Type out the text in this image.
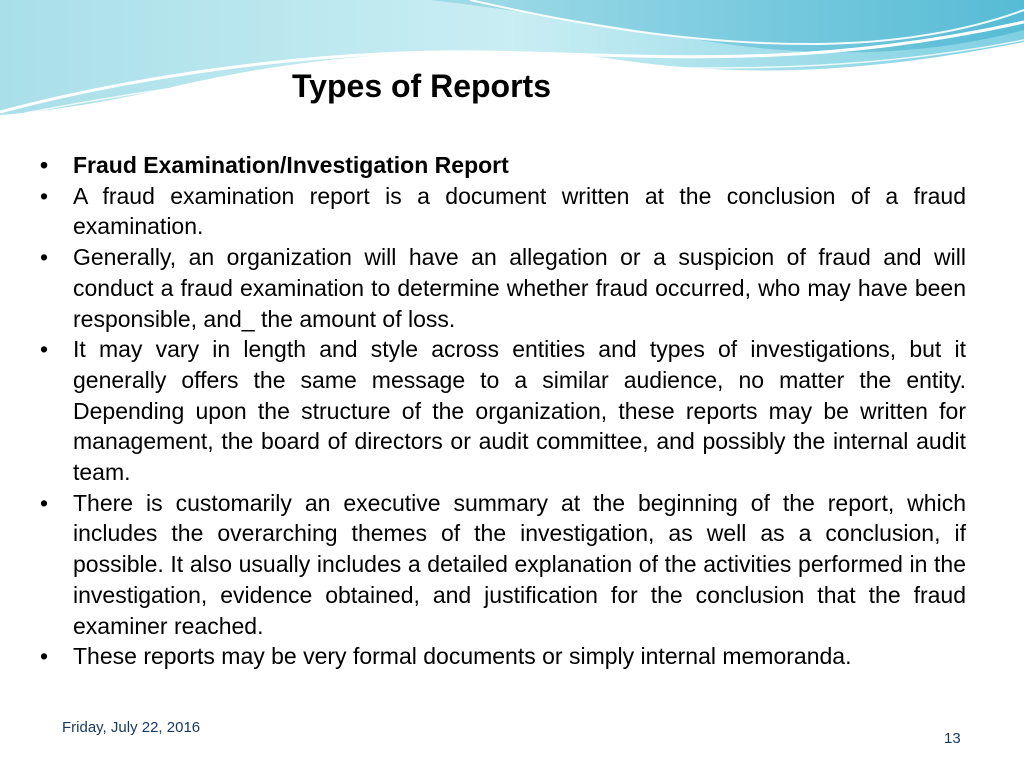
Types of Reports
• Fraud Examination/Investigation Report
• A fraud examination report is a document written at the conclusion of a fraud examination.
• Generally, an organization will have an allegation or a suspicion of fraud and will conduct a fraud examination to determine whether fraud occurred, who may have been responsible, and_ the amount of loss.
• It may vary in length and style across entities and types of investigations, but it generally offers the same message to a similar audience, no matter the entity. Depending upon the structure of the organization, these reports may be written for management, the board of directors or audit committee, and possibly the internal audit team.
• There is customarily an executive summary at the beginning of the report, which includes the overarching themes of the investigation, as well as a conclusion, if possible. It also usually includes a detailed explanation of the activities performed in the investigation, evidence obtained, and justification for the conclusion that the fraud examiner reached.
• These reports may be very formal documents or simply internal memoranda.
Friday, July 22, 2016
13
